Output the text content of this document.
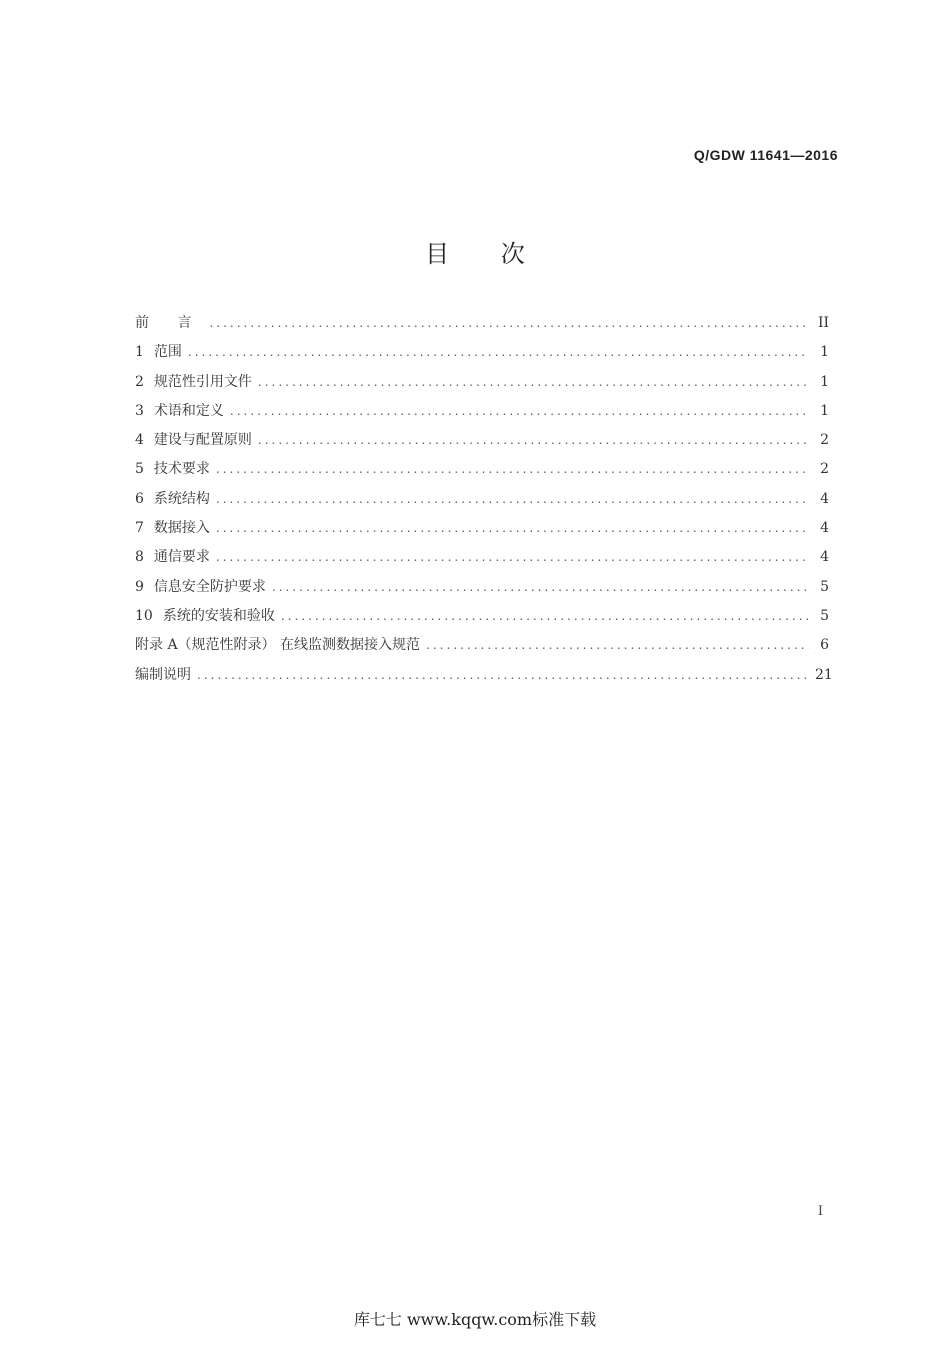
Q/GDW 11641—2016
目 次
前 言 .....	II
1 范围 .....	1
2 规范性引用文件 .....	1
3 术语和定义 .....	1
4 建设与配置原则 .....	2
5 技术要求 .....	2
6 系统结构 .....	4
7 数据接入 .....	4
8 通信要求 .....	4
9 信息安全防护要求 .....	5
10 系统的安装和验收 .....	5
附录 A（规范性附录） 在线监测数据接入规范 .....	6
编制说明 .....	21
I
库七七 www.kqqw.com标准下载
